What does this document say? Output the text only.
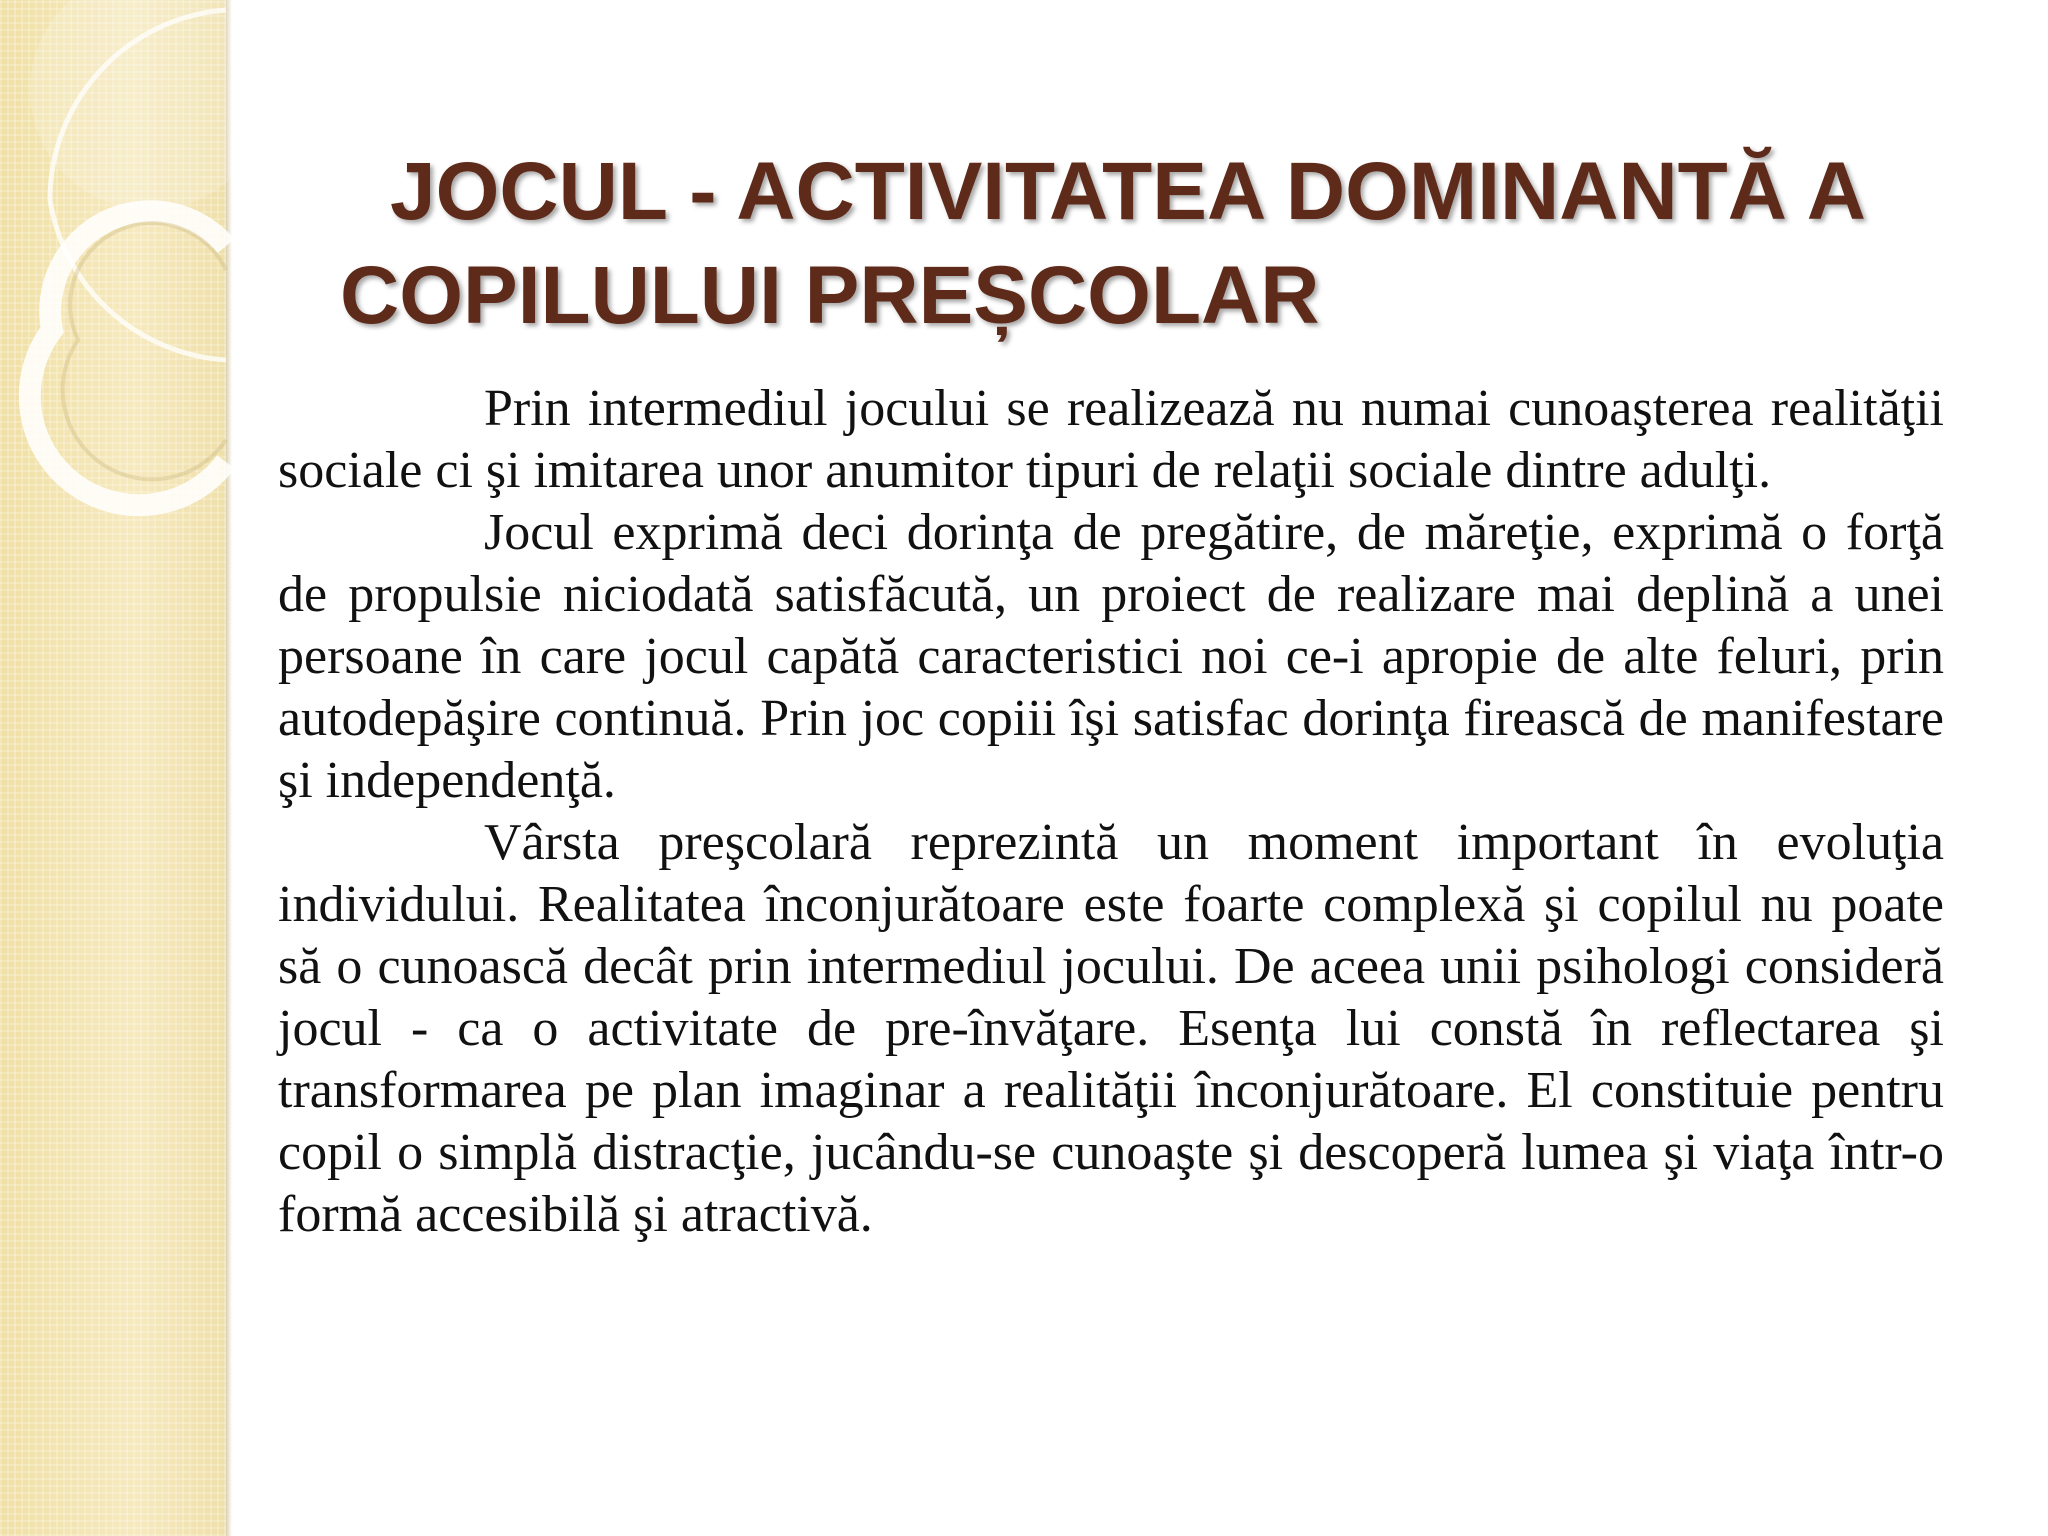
JOCUL - ACTIVITATEA DOMINANTĂ A
COPILULUI PREȘCOLAR

Prin intermediul jocului se realizează nu numai cunoaşterea realităţii sociale ci şi imitarea unor anumitor tipuri de relaţii sociale dintre adulţi.

Jocul exprimă deci dorinţa de pregătire, de măreţie, exprimă o forţă de propulsie niciodată satisfăcută, un proiect de realizare mai deplină a unei persoane în care jocul capătă caracteristici noi ce-i apropie de alte feluri, prin autodepăşire continuă. Prin joc copiii îşi satisfac dorinţa firească de manifestare şi independenţă.

Vârsta preşcolară reprezintă un moment important în evoluţia individului. Realitatea înconjurătoare este foarte complexă şi copilul nu poate să o cunoască decât prin intermediul jocului. De aceea unii psihologi consideră jocul - ca o activitate de pre-învăţare. Esenţa lui constă în reflectarea şi transformarea pe plan imaginar a realităţii înconjurătoare. El constituie pentru copil o simplă distracţie, jucându-se cunoaşte şi descoperă lumea şi viaţa într-o formă accesibilă şi atractivă.
